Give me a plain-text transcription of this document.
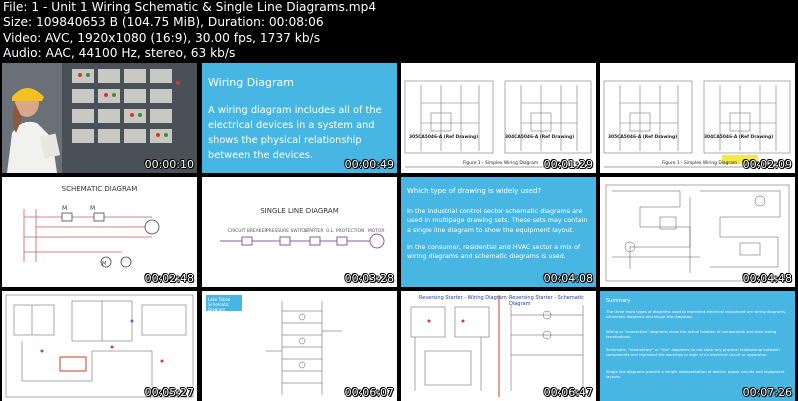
File: 1 - Unit 1 Wiring Schematic & Single Line Diagrams.mp4
Size: 109840653 B (104.75 MiB), Duration: 00:08:06
Video: AVC, 1920x1080 (16:9), 30.00 fps, 1737 kb/s
Audio: AAC, 44100 Hz, stereo, 63 kb/s
00:00:10
Wiring Diagram
A wiring diagram includes all of the electrical devices in a system and shows the physical relationship between the devices.
00:00:49
305CA5046-A (Ref Drawing)	304CA5046-A (Ref Drawing)
Figure 1 - Simplex Wiring Diagram 00:01:29
305CA5046-A (Ref Drawing)	304CA5046-A (Ref Drawing)
Figure 1 - Simplex Wiring Diagram 00:02:09
SCHEMATIC DIAGRAM
M
M
M
00:02:48
SINGLE LINE DIAGRAM
CIRCUIT BREAKER
PRESSURE SWITCH
STARTER O.L. PROTECTION MOTOR
00:03:28
Which type of drawing is widely used?
In the industrial control sector schematic diagrams are used in multipage drawing sets. These sets may contain a single line diagram to show the equipment layout.
In the consumer, residential and HVAC sector a mix of wiring diagrams and schematic diagrams is used.
00:04:08	00:04:48
00:05:27
Lake Tahoe Schematic Diagram
00:06:07
Reversing Starter - Wiring Diagram Reversing Starter - Schematic Diagram
00:06:47
Summary
The three main types of diagrams used to represent electrical equipment are wiring diagrams, schematic diagrams and single line diagrams.
Wiring or "connection" diagrams show the actual location of components and their wiring terminations.
Schematic, "elementary" or "line" diagrams do not show any physical relationship between components and represent the workings or logic of an electrical circuit or apparatus.
Single line diagrams provide a simple representation of electric power circuits and equipment layouts.
00:07:26
